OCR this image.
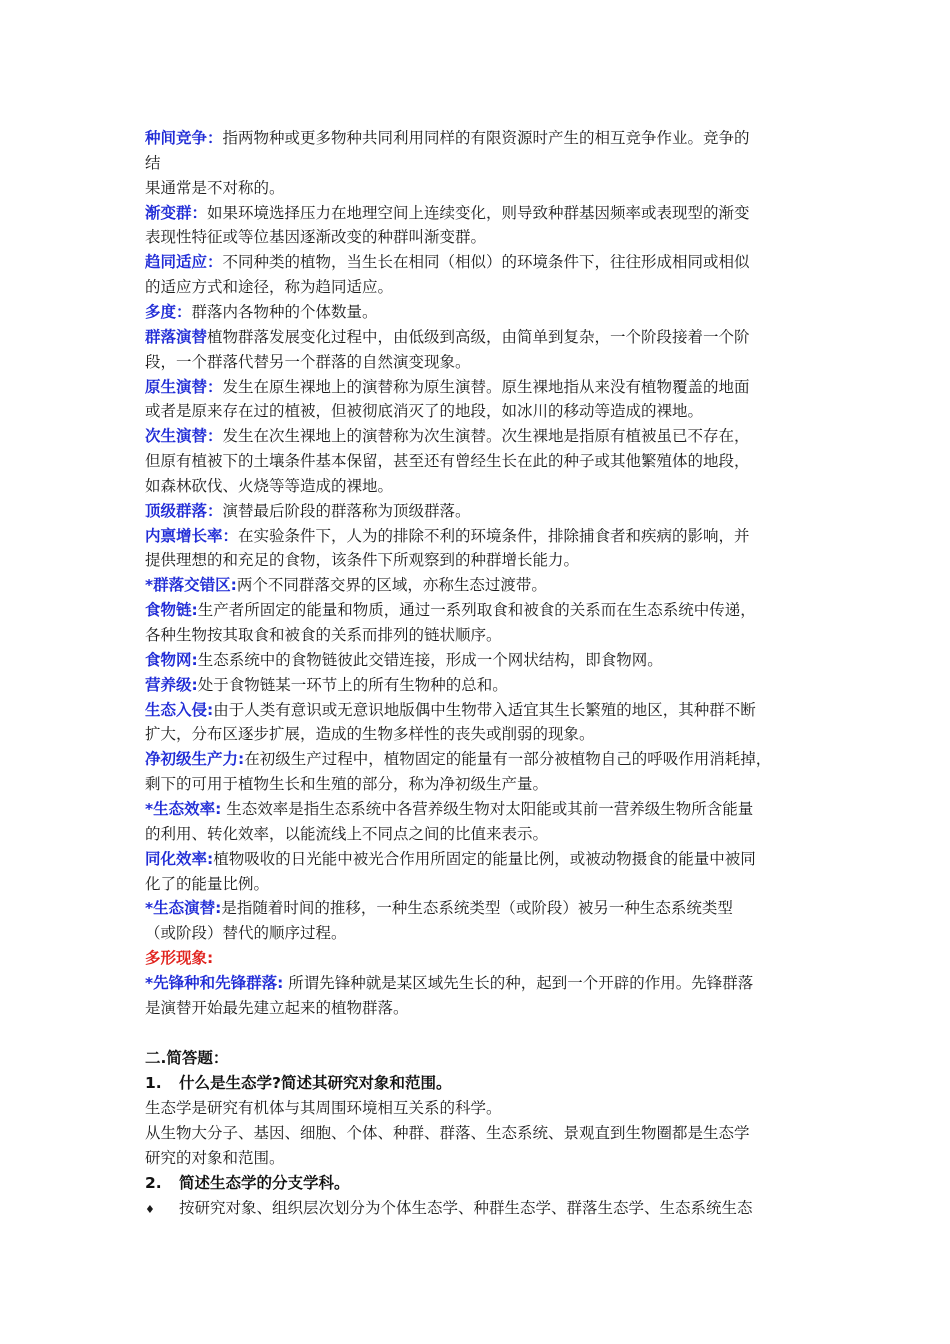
种间竞争：指两物种或更多物种共同利用同样的有限资源时产生的相互竞争作业。竞争的
结
果通常是不对称的。
渐变群：如果环境选择压力在地理空间上连续变化，则导致种群基因频率或表现型的渐变
表现性特征或等位基因逐渐改变的种群叫渐变群。
趋同适应：不同种类的植物，当生长在相同（相似）的环境条件下，往往形成相同或相似
的适应方式和途径，称为趋同适应。
多度：群落内各物种的个体数量。
群落演替植物群落发展变化过程中，由低级到高级，由简单到复杂，一个阶段接着一个阶
段，一个群落代替另一个群落的自然演变现象。
原生演替：发生在原生裸地上的演替称为原生演替。原生裸地指从来没有植物覆盖的地面
或者是原来存在过的植被，但被彻底消灭了的地段，如冰川的移动等造成的裸地。
次生演替：发生在次生裸地上的演替称为次生演替。次生裸地是指原有植被虽已不存在，
但原有植被下的土壤条件基本保留，甚至还有曾经生长在此的种子或其他繁殖体的地段，
如森林砍伐、火烧等等造成的裸地。
顶级群落：演替最后阶段的群落称为顶级群落。
内禀增长率：在实验条件下，人为的排除不利的环境条件，排除捕食者和疾病的影响，并
提供理想的和充足的食物，该条件下所观察到的种群增长能力。
*群落交错区:两个不同群落交界的区域，亦称生态过渡带。
食物链:生产者所固定的能量和物质，通过一系列取食和被食的关系而在生态系统中传递，
各种生物按其取食和被食的关系而排列的链状顺序。
食物网:生态系统中的食物链彼此交错连接，形成一个网状结构，即食物网。
营养级:处于食物链某一环节上的所有生物种的总和。
生态入侵:由于人类有意识或无意识地版偶中生物带入适宜其生长繁殖的地区，其种群不断
扩大，分布区逐步扩展，造成的生物多样性的丧失或削弱的现象。
净初级生产力:在初级生产过程中，植物固定的能量有一部分被植物自己的呼吸作用消耗掉，
剩下的可用于植物生长和生殖的部分，称为净初级生产量。
*生态效率: 生态效率是指生态系统中各营养级生物对太阳能或其前一营养级生物所含能量
的利用、转化效率，以能流线上不同点之间的比值来表示。
同化效率:植物吸收的日光能中被光合作用所固定的能量比例，或被动物摄食的能量中被同
化了的能量比例。
*生态演替:是指随着时间的推移，一种生态系统类型（或阶段）被另一种生态系统类型
（或阶段）替代的顺序过程。
多形现象:
*先锋种和先锋群落: 所谓先锋种就是某区域先生长的种，起到一个开辟的作用。先锋群落
是演替开始最先建立起来的植物群落。
二.简答题：
1. 什么是生态学?简述其研究对象和范围。
生态学是研究有机体与其周围环境相互关系的科学。
从生物大分子、基因、细胞、个体、种群、群落、生态系统、景观直到生物圈都是生态学
研究的对象和范围。
2. 简述生态学的分支学科。
♦ 按研究对象、组织层次划分为个体生态学、种群生态学、群落生态学、生态系统生态
